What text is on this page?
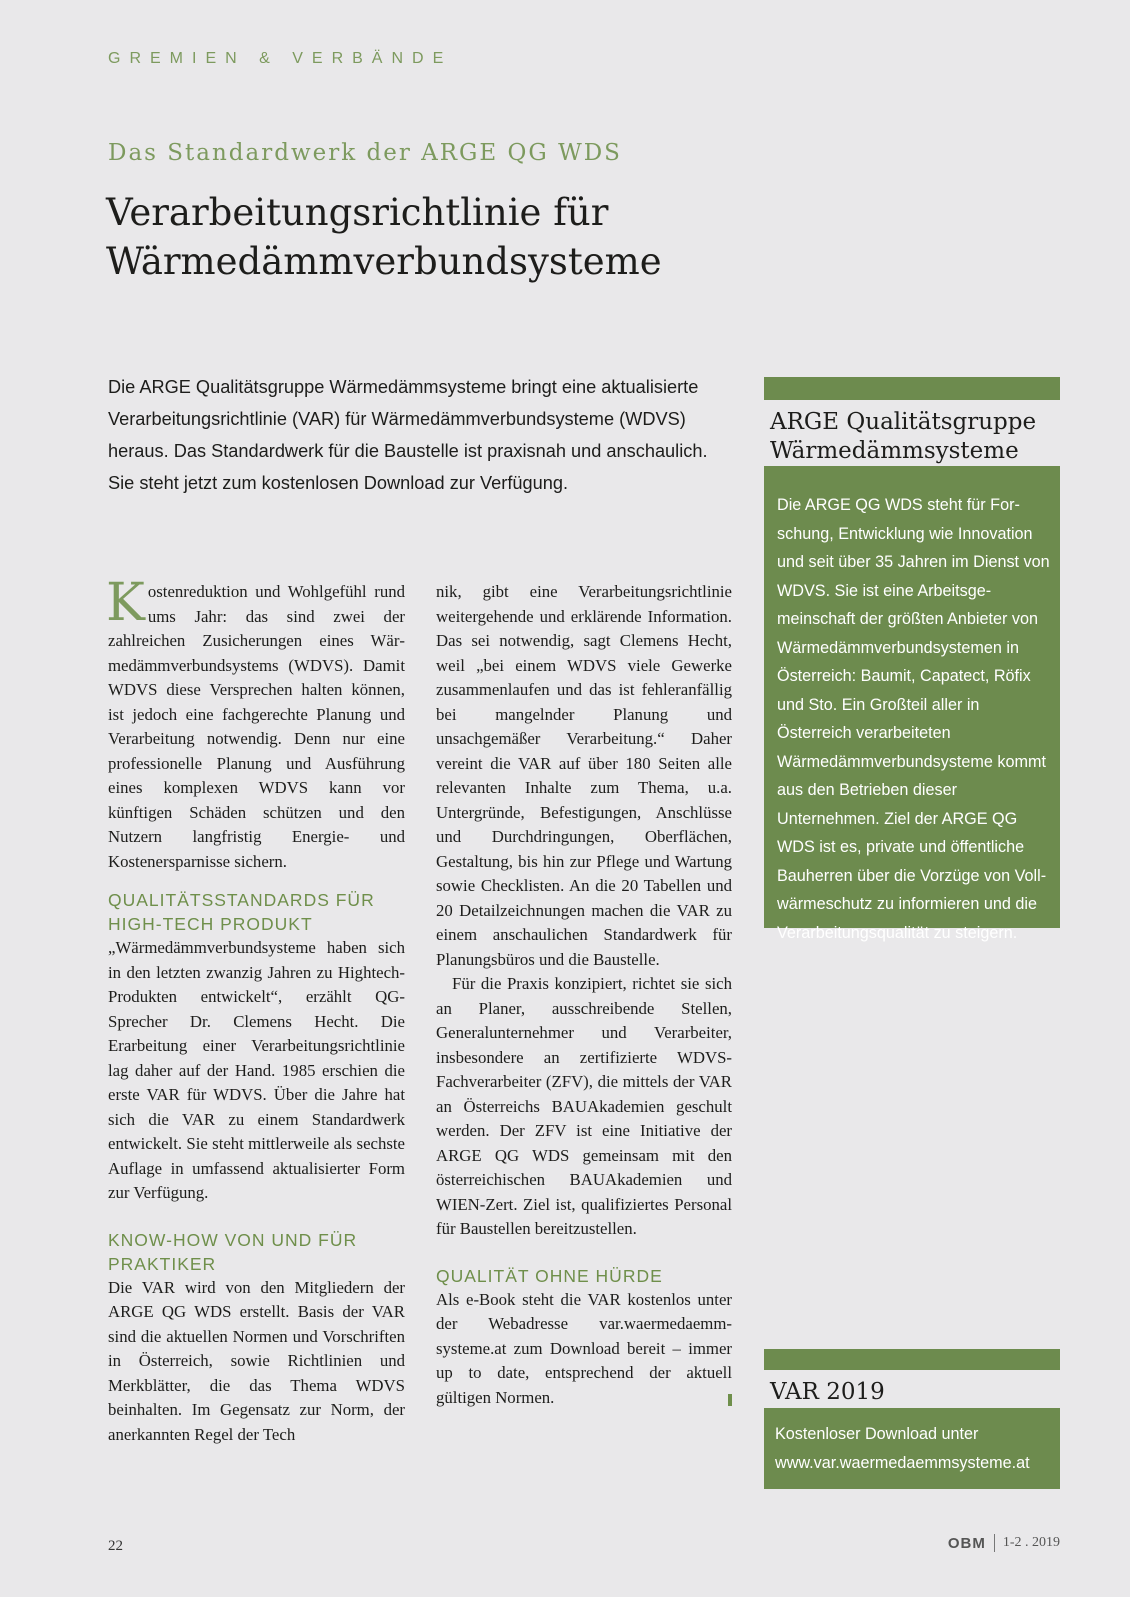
GREMIEN & VERBÄNDE
Das Standardwerk der ARGE QG WDS
Verarbeitungsrichtlinie für
Wärmedämmverbundsysteme
Die ARGE Qualitätsgruppe Wärmedämmsysteme bringt eine aktualisierte Verarbeitungsrichtlinie (VAR) für Wärmedämmverbundsysteme (WDVS) heraus. Das Standardwerk für die Baustelle ist praxisnah und anschaulich. Sie steht jetzt zum kostenlosen Download zur Verfügung.

Kostenreduktion und Wohlgefühl rund ums Jahr: das sind zwei der zahlreichen Zusicherungen eines Wärmedämmverbundsystems (WDVS). Damit WDVS diese Versprechen halten können, ist jedoch eine fachgerechte Planung und Verarbeitung notwendig. Denn nur eine professionelle Planung und Ausführung eines komplexen WDVS kann vor künftigen Schäden schützen und den Nutzern langfristig Energie- und Kostenersparnisse sichern.

QUALITÄTSSTANDARDS FÜR HIGH-TECH PRODUKT

„Wärmedämmverbundsysteme haben sich in den letzten zwanzig Jahren zu Hightech-Produkten entwickelt“, erzählt QG-Sprecher Dr. Clemens Hecht. Die Erarbeitung einer Verarbeitungsrichtlinie lag daher auf der Hand. 1985 erschien die erste VAR für WDVS. Über die Jahre hat sich die VAR zu einem Standardwerk entwickelt. Sie steht mittlerweile als sechste Auflage in umfassend aktualisierter Form zur Verfügung.

KNOW-HOW VON UND FÜR PRAKTIKER

Die VAR wird von den Mitgliedern der ARGE QG WDS erstellt. Basis der VAR sind die aktuellen Normen und Vorschriften in Österreich, sowie Richtlinien und Merkblätter, die das Thema WDVS beinhalten. Im Gegensatz zur Norm, der anerkannten Regel der Tech

nik, gibt eine Verarbeitungsrichtlinie weitergehende und erklärende Information. Das sei notwendig, sagt Clemens Hecht, weil „bei einem WDVS viele Gewerke zusammenlaufen und das ist fehleranfällig bei mangelnder Planung und unsachgemäßer Verarbeitung.“ Daher vereint die VAR auf über 180 Seiten alle relevanten Inhalte zum Thema, u.a. Untergründe, Befestigungen, Anschlüsse und Durchdringungen, Oberflächen, Gestaltung, bis hin zur Pflege und Wartung sowie Checklisten. An die 20 Tabellen und 20 Detailzeichnungen machen die VAR zu einem anschaulichen Standardwerk für Planungsbüros und die Baustelle.

Für die Praxis konzipiert, richtet sie sich an Planer, ausschreibende Stellen, Generalunternehmer und Verarbeiter, insbesondere an zertifizierte WDVS-Fachverarbeiter (ZFV), die mittels der VAR an Österreichs BAUAkademien geschult werden. Der ZFV ist eine Initiative der ARGE QG WDS gemeinsam mit den österreichischen BAUAkademien und WIEN-Zert. Ziel ist, qualifiziertes Personal für Baustellen bereitzustellen.

QUALITÄT OHNE HÜRDE

Als e-Book steht die VAR kostenlos unter der Webadresse var.waermedaemmsysteme.at zum Download bereit – immer up to date, entsprechend der aktuell gültigen Normen.

ARGE Qualitätsgruppe
Wärmedämmsysteme
Die ARGE QG WDS steht für Forschung, Entwicklung wie Innovation und seit über 35 Jahren im Dienst von WDVS. Sie ist eine Arbeitsgemeinschaft der größten Anbieter von Wärmedämmverbundsystemen in Österreich: Baumit, Capatect, Röfix und Sto. Ein Großteil aller in Österreich verarbeiteten Wärmedämmverbundsysteme kommt aus den Betrieben dieser Unternehmen. Ziel der ARGE QG WDS ist es, private und öffentliche Bauherren über die Vorzüge von Vollwärmeschutz zu informieren und die Verarbeitungsqualität zu steigern.
VAR 2019
Kostenloser Download unter
www.var.waermedaemmsysteme.at
22	OBM 1-2 . 2019
